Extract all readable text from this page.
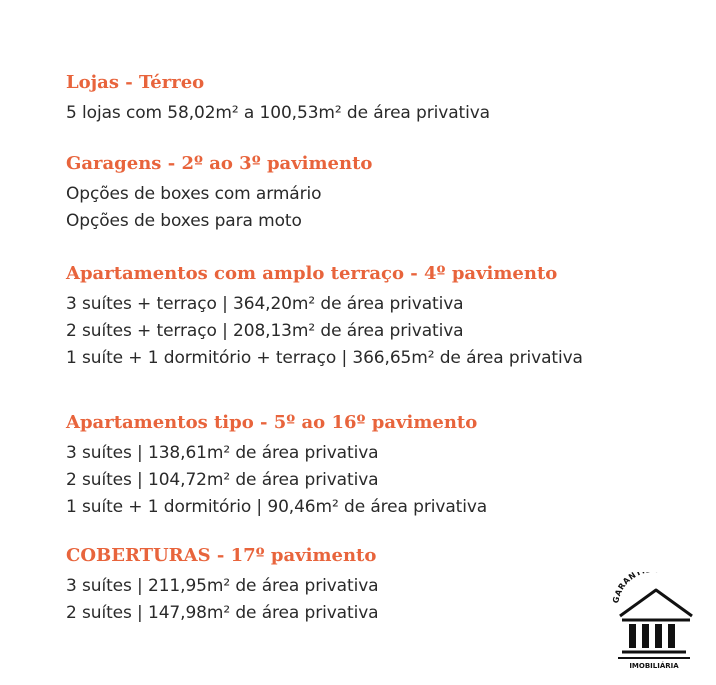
Lojas - Térreo
5 lojas com 58,02m² a 100,53m² de área privativa
Garagens - 2º ao 3º pavimento
Opções de boxes com armário
Opções de boxes para moto
Apartamentos com amplo terraço - 4º pavimento
3 suítes + terraço | 364,20m² de área privativa
2 suítes + terraço | 208,13m² de área privativa
1 suíte + 1 dormitório + terraço | 366,65m² de área privativa
Apartamentos tipo - 5º ao 16º pavimento
3 suítes | 138,61m² de área privativa
2 suítes | 104,72m² de área privativa
1 suíte + 1 dormitório | 90,46m² de área privativa
COBERTURAS - 17º pavimento
3 suítes | 211,95m² de área privativa
2 suítes | 147,98m² de área privativa
GARANT
IMOBILIÁRIA
